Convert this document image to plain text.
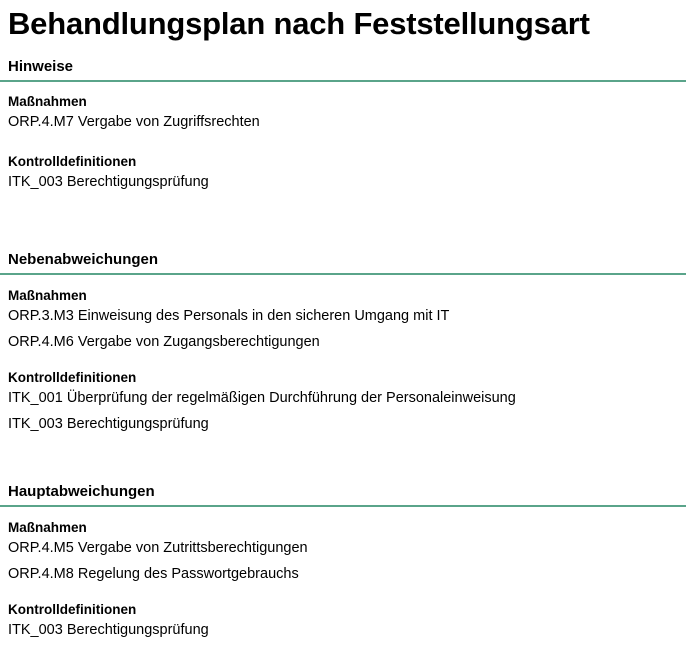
Behandlungsplan nach Feststellungsart
Hinweise
Maßnahmen
ORP.4.M7 Vergabe von Zugriffsrechten
Kontrolldefinitionen
ITK_003 Berechtigungsprüfung
Nebenabweichungen
Maßnahmen
ORP.3.M3 Einweisung des Personals in den sicheren Umgang mit IT
ORP.4.M6 Vergabe von Zugangsberechtigungen
Kontrolldefinitionen
ITK_001 Überprüfung der regelmäßigen Durchführung der Personaleinweisung
ITK_003 Berechtigungsprüfung
Hauptabweichungen
Maßnahmen
ORP.4.M5 Vergabe von Zutrittsberechtigungen
ORP.4.M8 Regelung des Passwortgebrauchs
Kontrolldefinitionen
ITK_003 Berechtigungsprüfung
